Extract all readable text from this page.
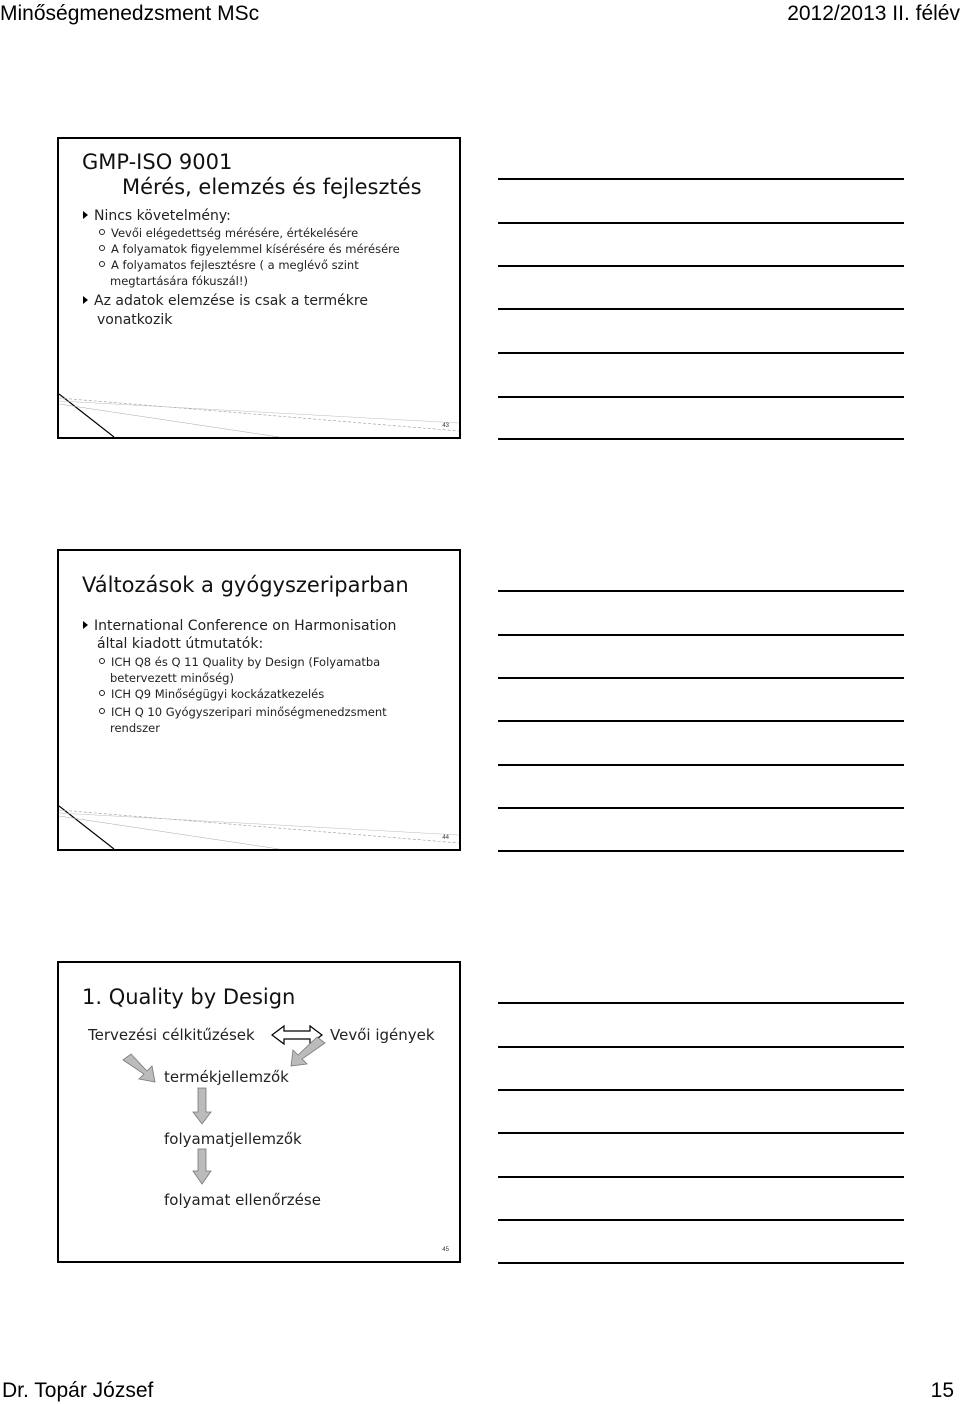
Minőségmenedzsment MSc	2012/2013 II. félév
GMP-ISO 9001
Mérés, elemzés és fejlesztés
Nincs követelmény:
Vevői elégedettség mérésére, értékelésére
A folyamatok figyelemmel kísérésére és mérésére
A folyamatos fejlesztésre ( a meglévő szint
megtartására fókuszál!)
Az adatok elemzése is csak a termékre
vonatkozik
43
Változások a gyógyszeriparban
International Conference on Harmonisation
által kiadott útmutatók:
ICH Q8 és Q 11 Quality by Design (Folyamatba
betervezett minőség)
ICH Q9 Minőségügyi kockázatkezelés
ICH Q 10 Gyógyszeripari minőségmenedzsment
rendszer
44
1. Quality by Design
Tervezési célkitűzések	Vevői igények
termékjellemzők
folyamatjellemzők
folyamat ellenőrzése
45
Dr. Topár József	15
